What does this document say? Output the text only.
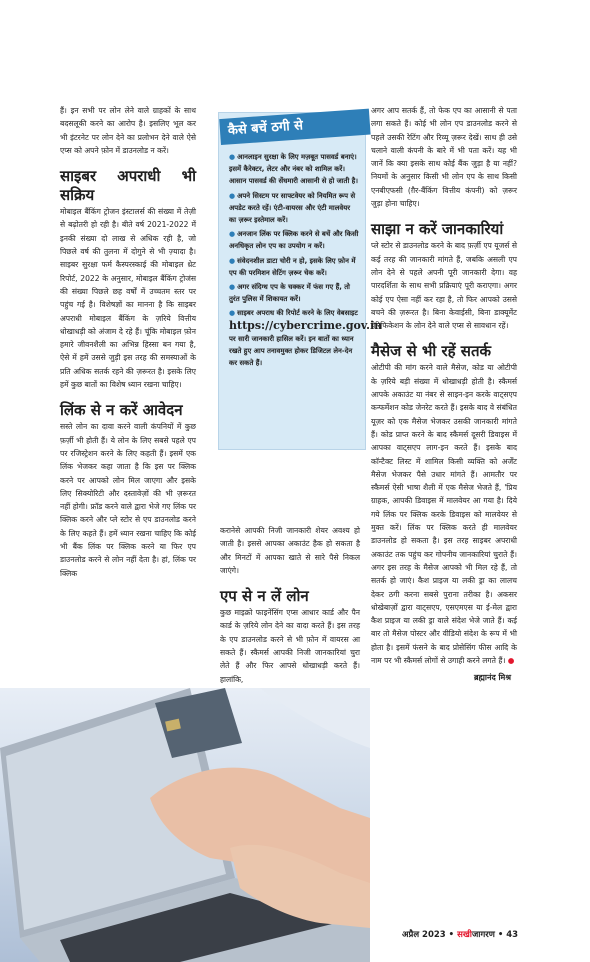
हैं। इन सभी पर लोन लेने वाले ग्राहकों के साथ बदसलूकी करने का आरोप है। इसलिए भूल कर भी इंटरनेट पर लोन देने का प्रलोभन देने वाले ऐसे एप्स को अपने फ़ोन में डाउनलोड न करें।

साइबर अपराधी भी सक्रिय

मोबाइल बैंकिंग ट्रोजन इंस्टालर्स की संख्या में तेज़ी से बढ़ोतरी हो रही है। बीते वर्ष 2021-2022 में इनकी संख्या दो लाख से अधिक रही है, जो पिछले वर्ष की तुलना में दोगुने से भी ज़्यादा है। साइबर सुरक्षा फर्म कैस्परस्काई की मोबाइल थ्रेट रिपोर्ट, 2022 के अनुसार, मोबाइल बैंकिंग ट्रोजंस की संख्या पिछले छह वर्षों में उच्चतम स्तर पर पहुंच गई है। विशेषज्ञों का मानना है कि साइबर अपराधी मोबाइल बैंकिंग के ज़रिये वित्तीय धोखाधड़ी को अंजाम दे रहे हैं। चूंकि मोबाइल फ़ोन हमारे जीवनशैली का अभिन्न हिस्सा बन गया है, ऐसे में हमें उससे जुड़ी इस तरह की समस्याओं के प्रति अधिक सतर्क रहने की ज़रूरत है। इसके लिए हमें कुछ बातों का विशेष ध्यान रखना चाहिए।

लिंक से न करें आवेदन

सस्ते लोन का दावा करने वाली कंपनियों में कुछ फ़र्ज़ी भी होती हैं। ये लोन के लिए सबसे पहले एप पर रजिस्ट्रेशन करने के लिए कहती हैं। इसमें एक लिंक भेजकर कहा जाता है कि इस पर क्लिक करने पर आपको लोन मिल जाएगा और इसके लिए सिक्योरिटी और दस्तावेज़ों की भी ज़रूरत नहीं होगी। फ्रॉड करने वाले द्वारा भेजे गए लिंक पर क्लिक करने और प्ले स्टोर से एप डाउनलोड करने के लिए कहते हैं। हमें ध्यान रखना चाहिए कि कोई भी बैंक लिंक पर क्लिक करने या फिर एप डाउनलोड करने से लोन नहीं देता है। हां, लिंक पर क्लिक

कैसे बचें ठगी से
● आनलाइन सुरक्षा के लिए मज़बूत पासवर्ड बनाएं। इसमें कैरेक्टर, लेटर और नंबर को शामिल करें। आसान पासवर्ड की सेंधमारी आसानी से हो जाती है।
● अपने सिस्टम पर साफ्टवेयर को नियमित रूप से अपडेट करते रहें। एंटी-वायरस और एंटी मालवेयर का ज़रूर इस्तेमाल करें।
● अनजान लिंक पर क्लिक करने से बचें और किसी अनधिकृत लोन एप का उपयोग न करें।
● संवेदनशील डाटा चोरी न हो, इसके लिए फ़ोन में एप की परमिशन सेटिंग ज़रूर चेक करें।
● अगर संदिग्ध एप के चक्कर में फंस गए हैं, तो तुरंत पुलिस में शिकायत करें।
● साइबर अपराध की रिपोर्ट करने के लिए वेबसाइट
https://cybercrime.gov.in
पर सारी जानकारी हासिल करें। इन बातों का ध्यान रखते हुए आप तनावमुक्त होकर डिजिटल लेन-देन कर सकते हैं।

करानेसे आपकी निजी जानकारी शेयर अवश्य हो जाती है। इससे आपका अकाउंट हैक हो सकता है और मिनटों में आपका खाते से सारे पैसे निकल जाएंगे।

एप से न लें लोन

कुछ माइक्रो फाइनेंसिंग एप्स आधार कार्ड और पैन कार्ड के ज़रिये लोन देने का वादा करते हैं। इस तरह के एप डाउनलोड करने से भी फ़ोन में वायरस आ सकते हैं। स्कैमर्स आपकी निजी जानकारियां चुरा लेते हैं और फिर आपसे धोखाधड़ी करते हैं। हालांकि,

अगर आप सतर्क हैं, तो फेक एप का आसानी से पता लगा सकते हैं। कोई भी लोन एप डाउनलोड करने से पहले उसकी रेटिंग और रिव्यू ज़रूर देखें। साथ ही उसे चलाने वाली कंपनी के बारे में भी पता करें। यह भी जानें कि क्या इसके साथ कोई बैंक जुड़ा है या नहीं? नियमों के अनुसार किसी भी लोन एप के साथ किसी एनबीएफसी (ग़ैर-बैंकिंग वित्तीय कंपनी) को ज़रूर जुड़ा होना चाहिए।

साझा न करें जानकारियां

प्ले स्टोर से डाउनलोड करने के बाद फ़र्ज़ी एप यूजर्स से कई तरह की जानकारी मांगते हैं, जबकि असली एप लोन देने से पहले अपनी पूरी जानकारी देगा। वह पारदर्शिता के साथ सभी प्रक्रियाएं पूरी कराएगा। अगर कोई एप ऐसा नहीं कर रहा है, तो फिर आपको उससे बचने की ज़रूरत है। बिना केवाईसी, बिना डाक्यूमेंट वेरिफिकेशन के लोन देने वाले एप्स से सावधान रहें।

मैसेज से भी रहें सतर्क

ओटीपी की मांग करने वाले मैसेज, कोड या ओटीपी के ज़रिये बड़ी संख्या में धोखाधड़ी होती है। स्कैमर्स आपके अकाउंट या नंबर से साइन-इन करके वाट्सएप कन्फर्मेशन कोड जेनरेट करते हैं। इसके बाद वे संबंधित यूज़र को एक मैसेज भेजकर उसकी जानकारी मांगते हैं। कोड प्राप्त करने के बाद स्कैमर्स दूसरी डिवाइस में आपका वाट्सएप लाग-इन करते हैं। इसके बाद कॉन्टैक्ट लिस्ट में शामिल किसी व्यक्ति को अर्जेंट मैसेज भेजकर पैसे उधार मांगते हैं। आमतौर पर स्कैमर्स ऐसी भाषा शैली में एक मैसेज भेजते हैं, 'प्रिय ग्राहक, आपकी डिवाइस में मालवेयर आ गया है। दिये गये लिंक पर क्लिक करके डिवाइस को मालवेयर से मुक्त करें। लिंक पर क्लिक करते ही मालवेयर डाउनलोड हो सकता है। इस तरह साइबर अपराधी अकाउंट तक पहुंच कर गोपनीय जानकारियां चुराते हैं। अगर इस तरह के मैसेज आपको भी मिल रहे हैं, तो सतर्क हो जाएं। कैश प्राइज या लकी ड्रा का लालच देकर ठगी करना सबसे पुराना तरीका है। अकसर धोखेबाज़ों द्वारा वाट्सएप, एसएमएस या ई-मेल द्वारा कैश प्राइज या लकी ड्रा वाले संदेश भेजे जाते हैं। कई बार तो मैसेज पोस्टर और वीडियो संदेश के रूप में भी होता है। इसमें फंसने के बाद प्रोसेसिंग फीस आदि के नाम पर भी स्कैमर्स लोगों से उगाही करने लगते हैं। ●

ब्रह्मानंद मिश्र
अप्रैल 2023 • सखीजागरण • 43
